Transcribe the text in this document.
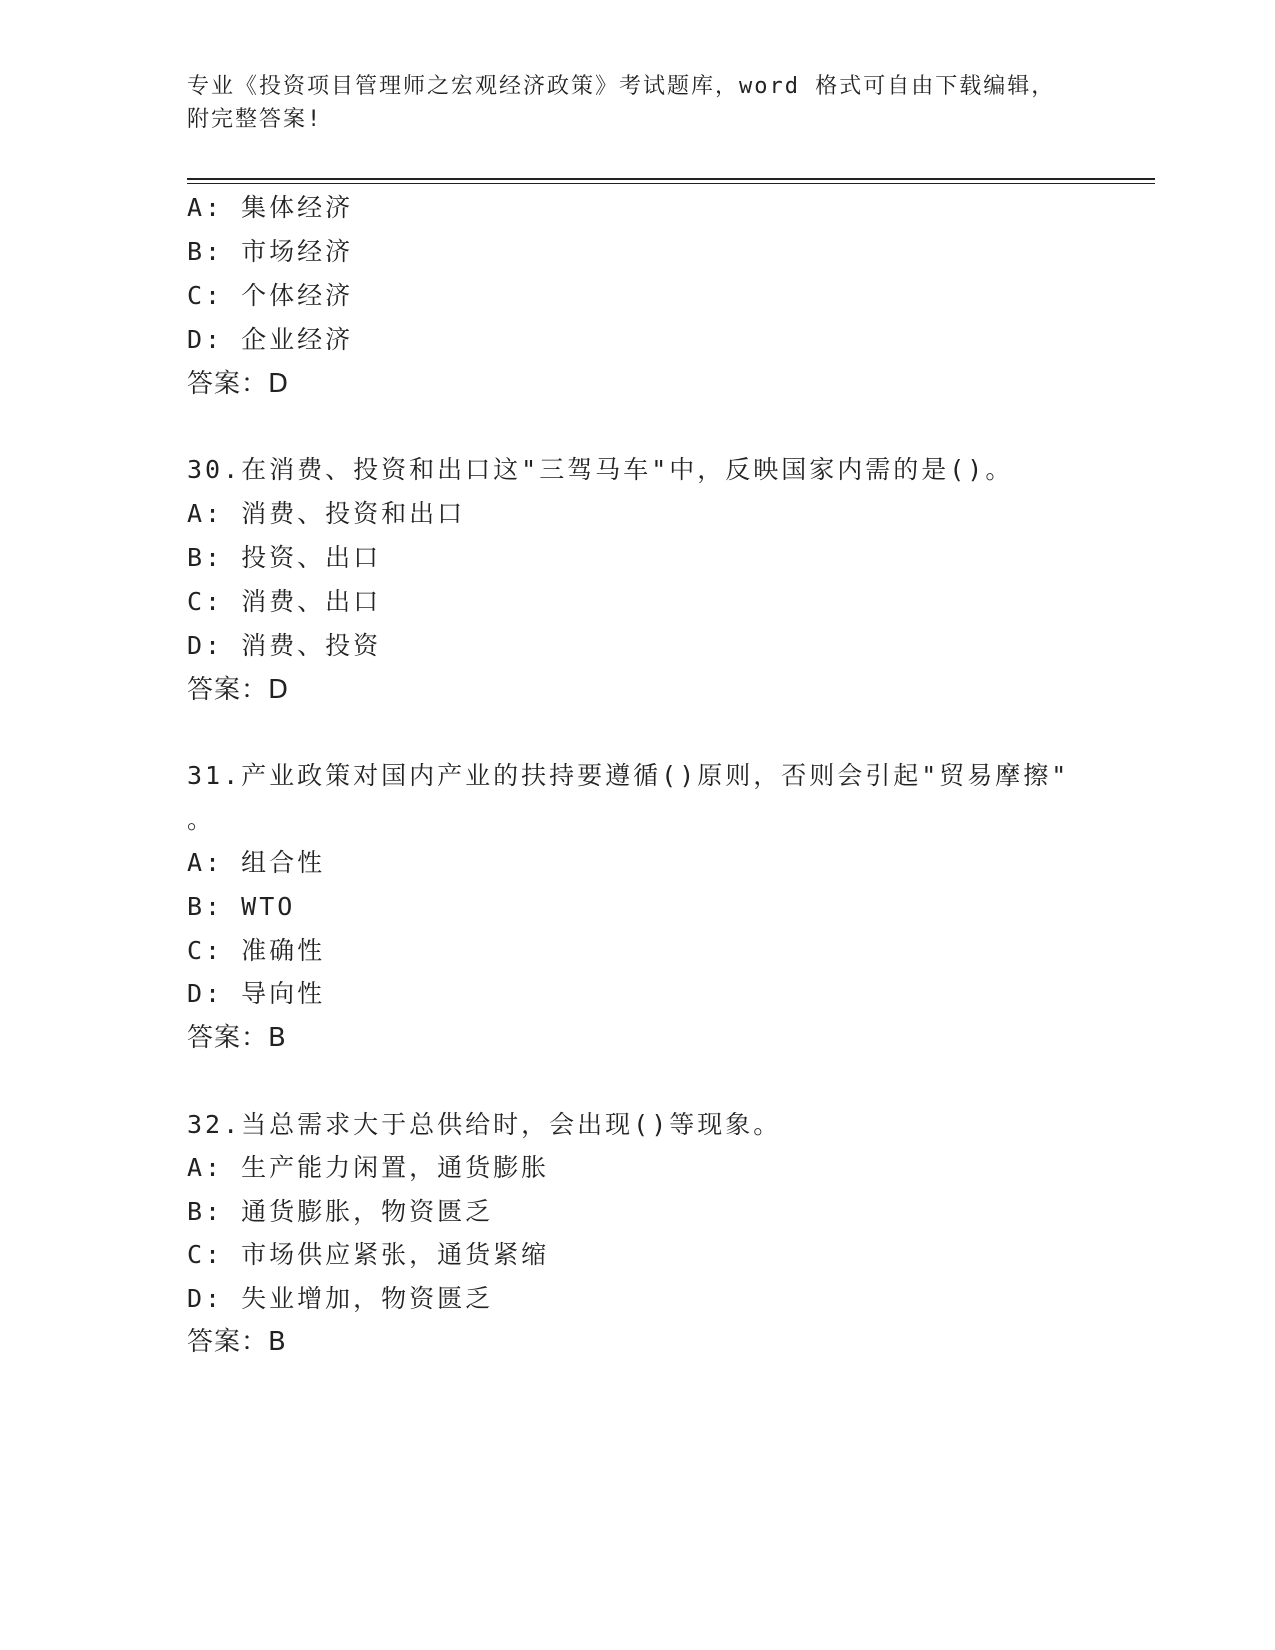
专业《投资项目管理师之宏观经济政策》考试题库，word 格式可自由下载编辑，
附完整答案!
A: 集体经济
B: 市场经济
C: 个体经济
D: 企业经济
答案：D
30.在消费、投资和出口这"三驾马车"中，反映国家内需的是()。
A: 消费、投资和出口
B: 投资、出口
C: 消费、出口
D: 消费、投资
答案：D
31.产业政策对国内产业的扶持要遵循()原则，否则会引起"贸易摩擦"
。
A: 组合性
B: WTO
C: 准确性
D: 导向性
答案：B
32.当总需求大于总供给时，会出现()等现象。
A: 生产能力闲置，通货膨胀
B: 通货膨胀，物资匮乏
C: 市场供应紧张，通货紧缩
D: 失业增加，物资匮乏
答案：B
